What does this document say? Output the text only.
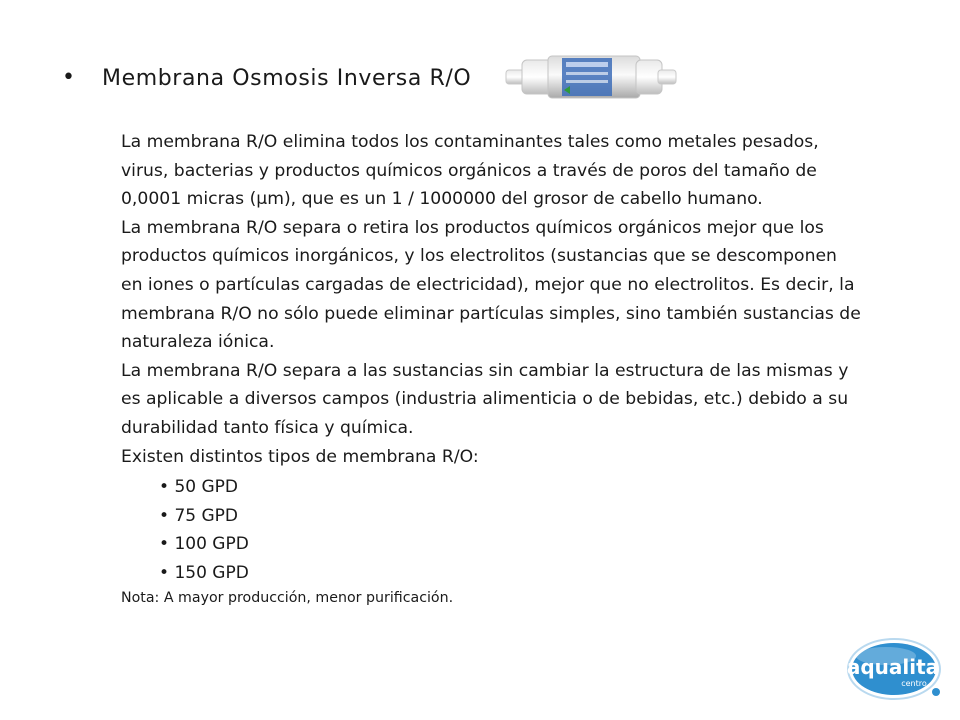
•	Membrana Osmosis Inversa R/O

La membrana R/O elimina todos los contaminantes tales como metales pesados, virus, bacterias y productos químicos orgánicos a través de poros del tamaño de 0,0001 micras (μm), que es un 1 / 1000000 del grosor de cabello humano.

La membrana R/O separa o retira los productos químicos orgánicos mejor que los productos químicos inorgánicos, y los electrolitos (sustancias que se descomponen en iones o partículas cargadas de electricidad), mejor que no electrolitos. Es decir, la membrana R/O no sólo puede eliminar partículas simples, sino también sustancias de naturaleza iónica.

La membrana R/O separa a las sustancias sin cambiar la estructura de las mismas y es aplicable a diversos campos (industria alimenticia o de bebidas, etc.) debido a su durabilidad tanto física y química.

Existen distintos tipos de membrana R/O:

• 50 GPD
• 75 GPD
• 100 GPD
• 150 GPD

Nota: A mayor producción, menor purificación.

aqualita
centro
